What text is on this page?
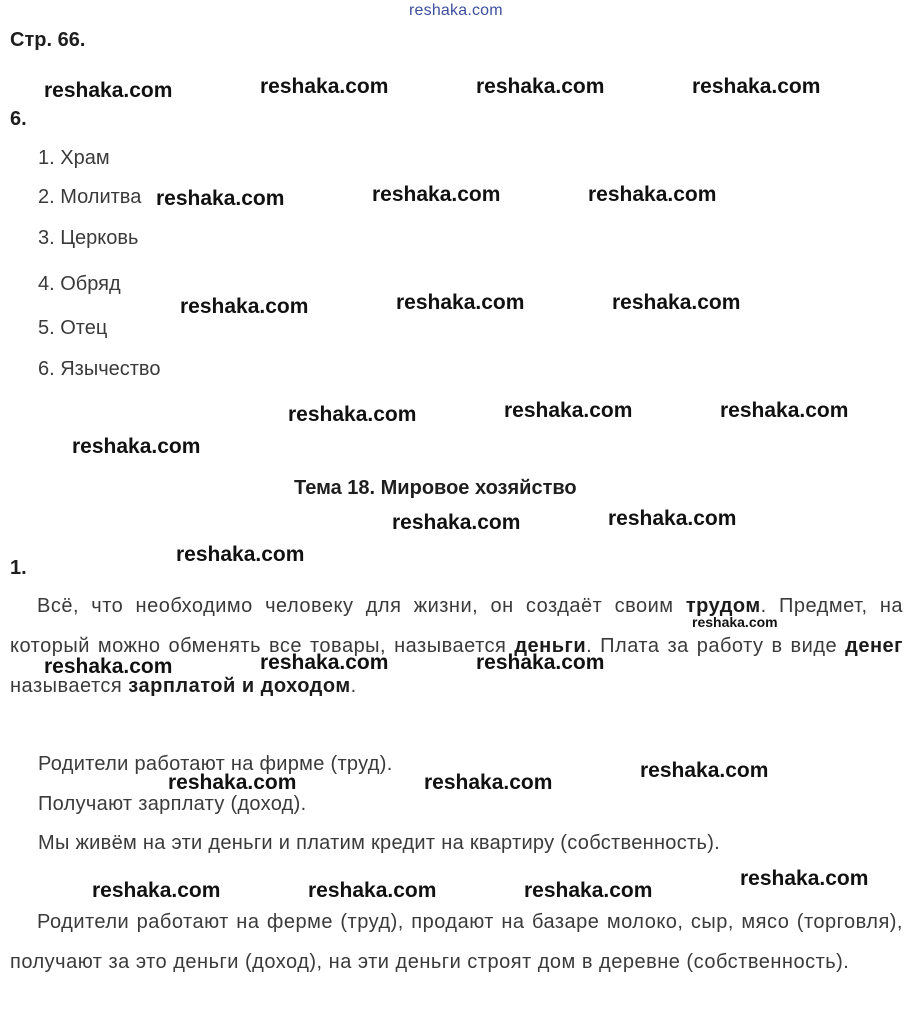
reshaka.com
Стр. 66.
6.
1. Храм
2. Молитва
3. Церковь
4. Обряд
5. Отец
6. Язычество
Тема 18. Мировое хозяйство
1.
Всё, что необходимо человеку для жизни, он создаёт своим трудом. Предмет, на который можно обменять все товары, называется деньги. Плата за работу в виде денег называется зарплатой и доходом.
Родители работают на фирме (труд).
Получают зарплату (доход).
Мы живём на эти деньги и платим кредит на квартиру (собственность).
Родители работают на ферме (труд), продают на базаре молоко, сыр, мясо (торговля), получают за это деньги (доход), на эти деньги строят дом в деревне (собственность).
reshaka.com	reshaka.com	reshaka.com	reshaka.com
reshaka.com	reshaka.com	reshaka.com
reshaka.com	reshaka.com	reshaka.com
reshaka.com	reshaka.com	reshaka.com
reshaka.com
reshaka.com	reshaka.com
reshaka.com
reshaka.com
reshaka.com	reshaka.com	reshaka.com
reshaka.com
reshaka.com	reshaka.com
reshaka.com
reshaka.com	reshaka.com	reshaka.com
